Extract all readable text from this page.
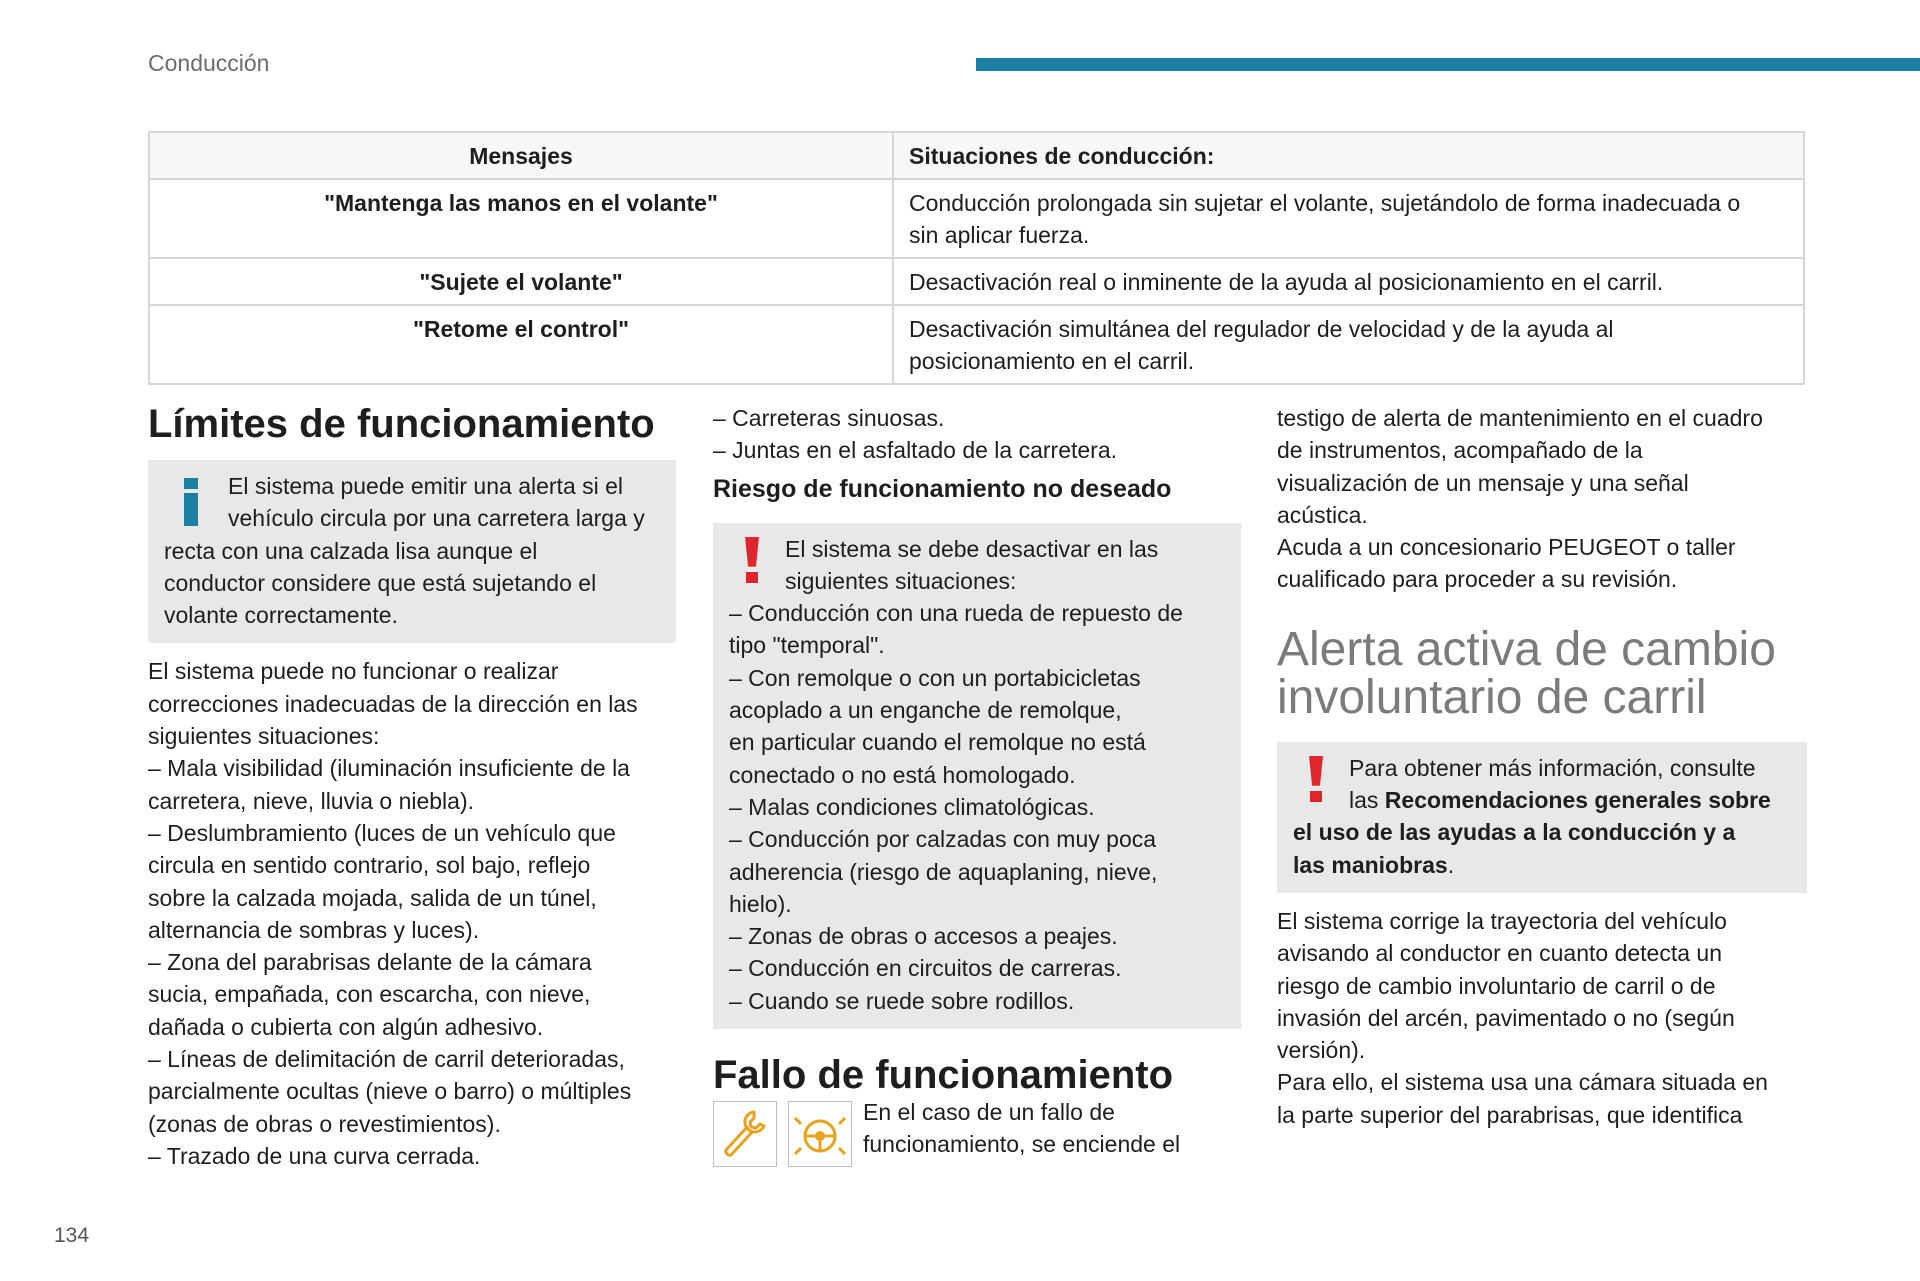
Conducción
Mensajes	Situaciones de conducción:
"Mantenga las manos en el volante"	Conducción prolongada sin sujetar el volante, sujetándolo de forma inadecuada o
sin aplicar fuerza.

"Sujete el volante"	Desactivación real o inminente de la ayuda al posicionamiento en el carril.

"Retome el control"	Desactivación simultánea del regulador de velocidad y de la ayuda al
posicionamiento en el carril.
Límites de funcionamiento
El sistema puede emitir una alerta si el
vehículo circula por una carretera larga y
recta con una calzada lisa aunque el
conductor considere que está sujetando el
volante correctamente.
El sistema puede no funcionar o realizar
correcciones inadecuadas de la dirección en las
siguientes situaciones:
– Mala visibilidad (iluminación insuficiente de la
carretera, nieve, lluvia o niebla).
– Deslumbramiento (luces de un vehículo que
circula en sentido contrario, sol bajo, reflejo
sobre la calzada mojada, salida de un túnel,
alternancia de sombras y luces).
– Zona del parabrisas delante de la cámara
sucia, empañada, con escarcha, con nieve,
dañada o cubierta con algún adhesivo.
– Líneas de delimitación de carril deterioradas,
parcialmente ocultas (nieve o barro) o múltiples
(zonas de obras o revestimientos).
– Trazado de una curva cerrada.
– Carreteras sinuosas.
– Juntas en el asfaltado de la carretera.
Riesgo de funcionamiento no deseado
El sistema se debe desactivar en las
siguientes situaciones:
– Conducción con una rueda de repuesto de
tipo "temporal".
– Con remolque o con un portabicicletas
acoplado a un enganche de remolque,
en particular cuando el remolque no está
conectado o no está homologado.
– Malas condiciones climatológicas.
– Conducción por calzadas con muy poca
adherencia (riesgo de aquaplaning, nieve,
hielo).
– Zonas de obras o accesos a peajes.
– Conducción en circuitos de carreras.
– Cuando se ruede sobre rodillos.
Fallo de funcionamiento
En el caso de un fallo de
funcionamiento, se enciende el
testigo de alerta de mantenimiento en el cuadro
de instrumentos, acompañado de la
visualización de un mensaje y una señal
acústica.
Acuda a un concesionario PEUGEOT o taller
cualificado para proceder a su revisión.
Alerta activa de cambio
involuntario de carril
Para obtener más información, consulte
las Recomendaciones generales sobre
el uso de las ayudas a la conducción y a
las maniobras.
El sistema corrige la trayectoria del vehículo
avisando al conductor en cuanto detecta un
riesgo de cambio involuntario de carril o de
invasión del arcén, pavimentado o no (según
versión).
Para ello, el sistema usa una cámara situada en
la parte superior del parabrisas, que identifica
134
